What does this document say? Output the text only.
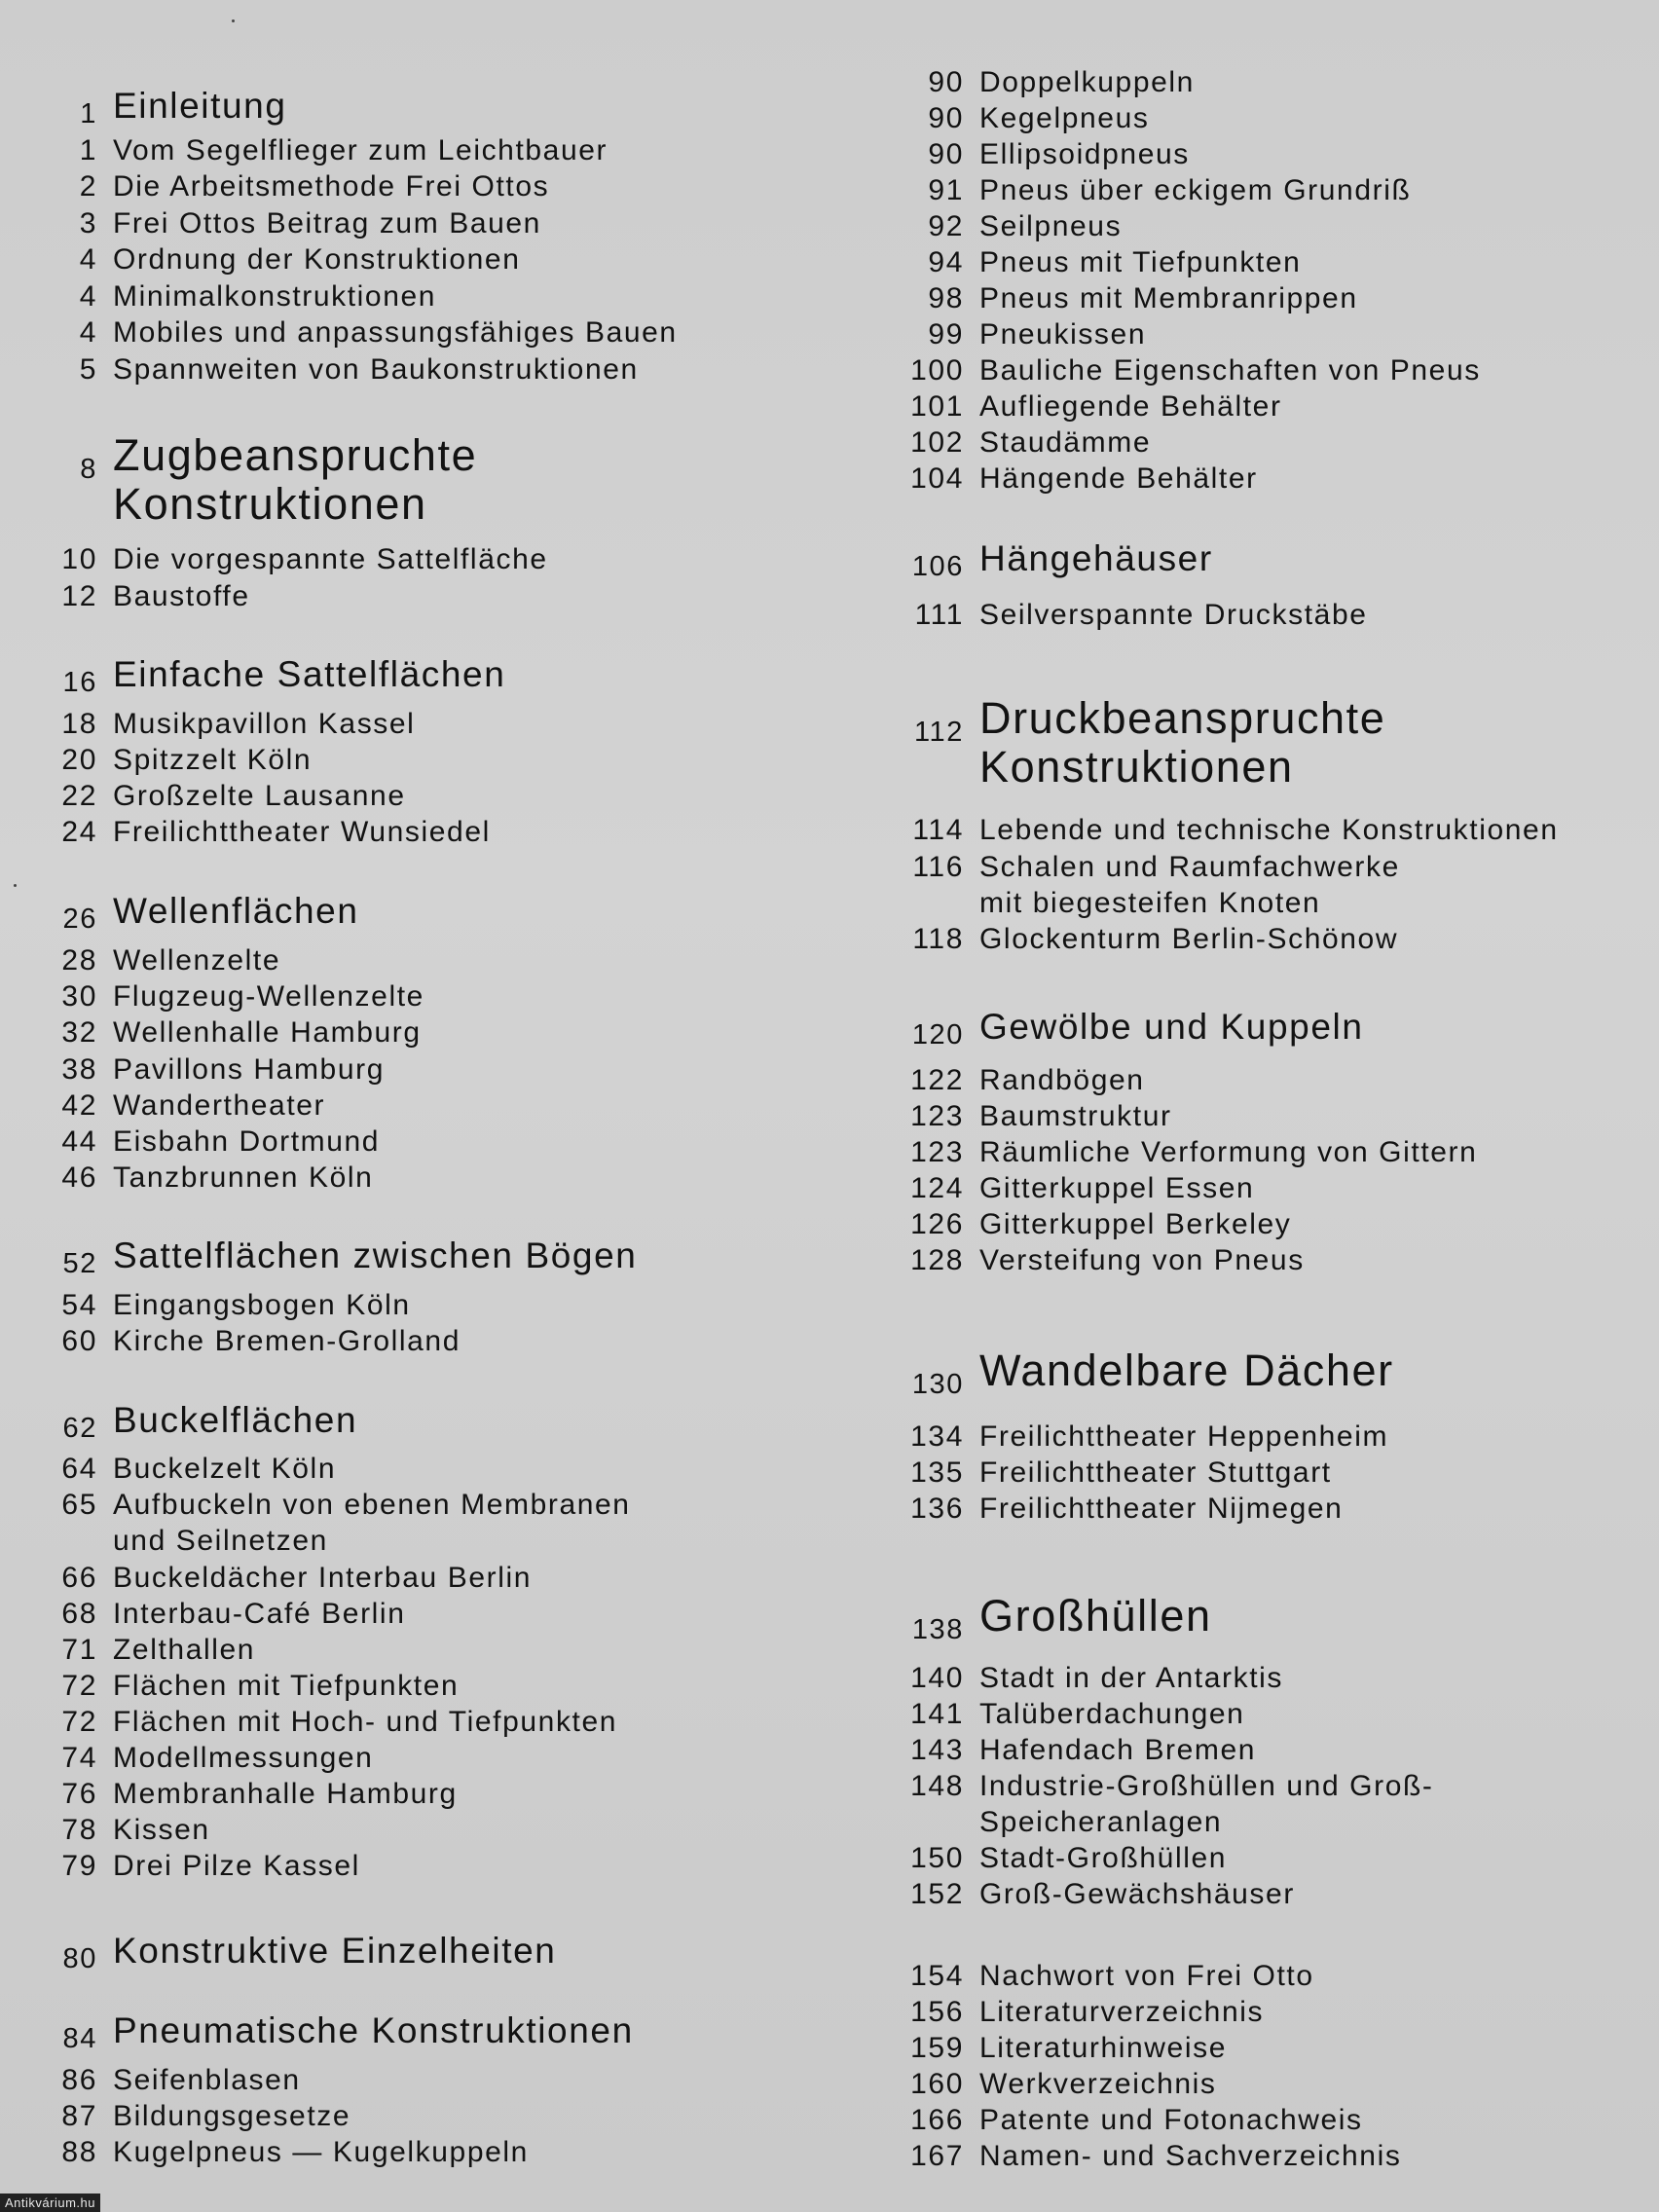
1 Einleitung
1 Vom Segelflieger zum Leichtbauer
2 Die Arbeitsmethode Frei Ottos
3 Frei Ottos Beitrag zum Bauen
4 Ordnung der Konstruktionen
4 Minimalkonstruktionen
4 Mobiles und anpassungsfähiges Bauen
5 Spannweiten von Baukonstruktionen
8 Zugbeanspruchte Konstruktionen
10 Die vorgespannte Sattelfläche
12 Baustoffe
16 Einfache Sattelflächen
18 Musikpavillon Kassel
20 Spitzzelt Köln
22 Großzelte Lausanne
24 Freilichttheater Wunsiedel
26 Wellenflächen
28 Wellenzelte
30 Flugzeug-Wellenzelte
32 Wellenhalle Hamburg
38 Pavillons Hamburg
42 Wandertheater
44 Eisbahn Dortmund
46 Tanzbrunnen Köln
52 Sattelflächen zwischen Bögen
54 Eingangsbogen Köln
60 Kirche Bremen-Grolland
62 Buckelflächen
64 Buckelzelt Köln
65 Aufbuckeln von ebenen Membranen
und Seilnetzen
66 Buckeldächer Interbau Berlin
68 Interbau-Café Berlin
71 Zelthallen
72 Flächen mit Tiefpunkten
72 Flächen mit Hoch- und Tiefpunkten
74 Modellmessungen
76 Membranhalle Hamburg
78 Kissen
79 Drei Pilze Kassel
80 Konstruktive Einzelheiten
84 Pneumatische Konstruktionen
86 Seifenblasen
87 Bildungsgesetze
88 Kugelpneus — Kugelkuppeln
90 Doppelkuppeln
90 Kegelpneus
90 Ellipsoidpneus
91 Pneus über eckigem Grundriß
92 Seilpneus
94 Pneus mit Tiefpunkten
98 Pneus mit Membranrippen
99 Pneukissen
100 Bauliche Eigenschaften von Pneus
101 Aufliegende Behälter
102 Staudämme
104 Hängende Behälter
106 Hängehäuser
111 Seilverspannte Druckstäbe
112 Druckbeanspruchte Konstruktionen
114 Lebende und technische Konstruktionen
116 Schalen und Raumfachwerke
mit biegesteifen Knoten
118 Glockenturm Berlin-Schönow
120 Gewölbe und Kuppeln
122 Randbögen
123 Baumstruktur
123 Räumliche Verformung von Gittern
124 Gitterkuppel Essen
126 Gitterkuppel Berkeley
128 Versteifung von Pneus
130 Wandelbare Dächer
134 Freilichttheater Heppenheim
135 Freilichttheater Stuttgart
136 Freilichttheater Nijmegen
138 Großhüllen
140 Stadt in der Antarktis
141 Talüberdachungen
143 Hafendach Bremen
148 Industrie-Großhüllen und Groß-
Speicheranlagen
150 Stadt-Großhüllen
152 Groß-Gewächshäuser
154 Nachwort von Frei Otto
156 Literaturverzeichnis
159 Literaturhinweise
160 Werkverzeichnis
166 Patente und Fotonachweis
167 Namen- und Sachverzeichnis
Antikvárium.hu
